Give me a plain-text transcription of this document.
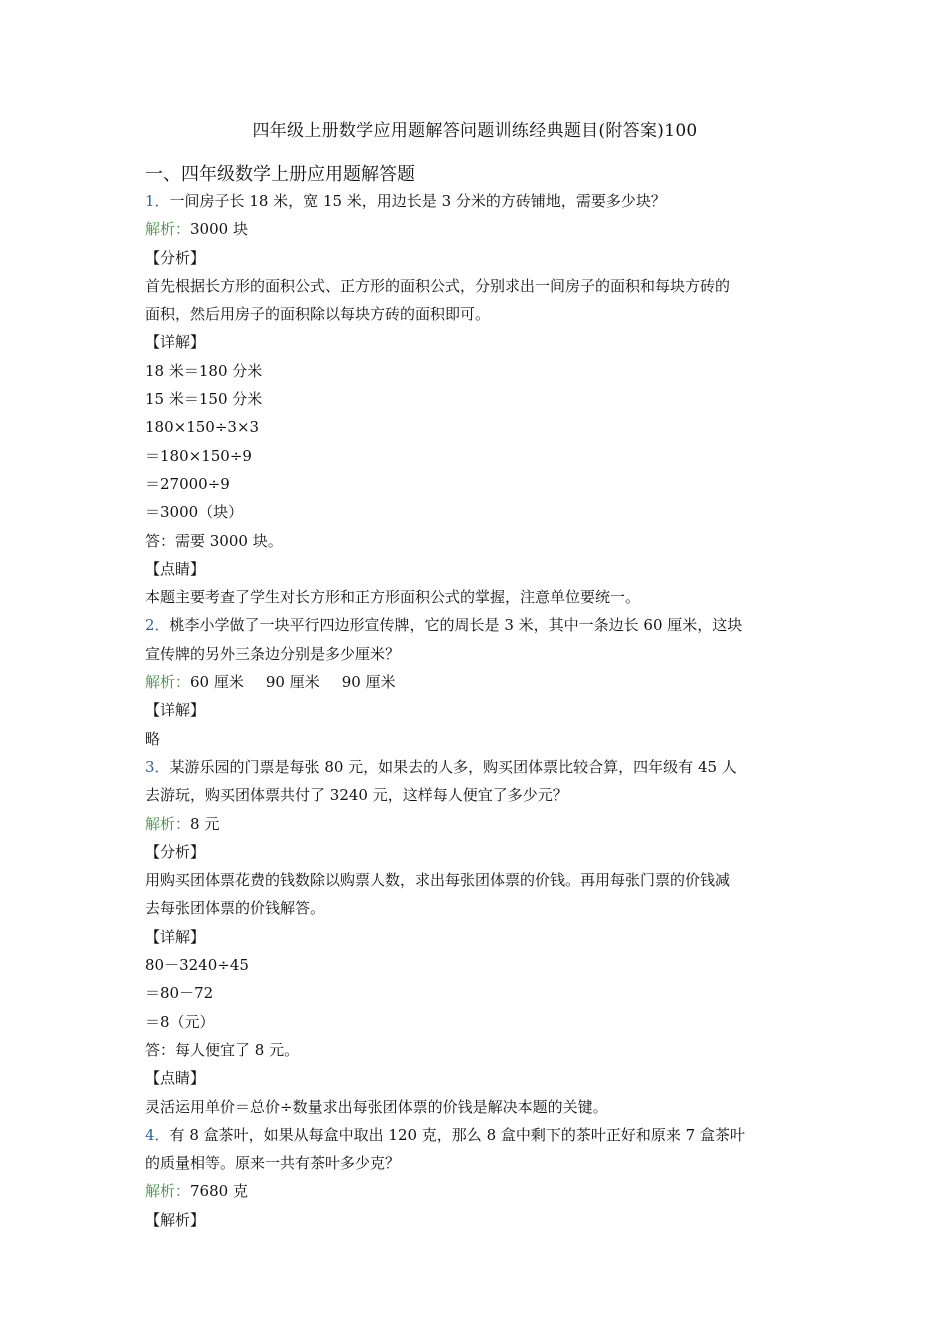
四年级上册数学应用题解答问题训练经典题目(附答案)100
一、四年级数学上册应用题解答题
1．一间房子长 18 米，宽 15 米，用边长是 3 分米的方砖铺地，需要多少块？
解析：3000 块
【分析】
首先根据长方形的面积公式、正方形的面积公式，分别求出一间房子的面积和每块方砖的
面积，然后用房子的面积除以每块方砖的面积即可。
【详解】
18 米＝180 分米
15 米＝150 分米
180×150÷3×3
＝180×150÷9
＝27000÷9
＝3000（块）
答：需要 3000 块。
【点睛】
本题主要考查了学生对长方形和正方形面积公式的掌握，注意单位要统一。
2．桃李小学做了一块平行四边形宣传牌，它的周长是 3 米，其中一条边长 60 厘米，这块
宣传牌的另外三条边分别是多少厘米？
解析：60 厘米 90 厘米 90 厘米
【详解】
略
3．某游乐园的门票是每张 80 元，如果去的人多，购买团体票比较合算，四年级有 45 人
去游玩，购买团体票共付了 3240 元，这样每人便宜了多少元？
解析：8 元
【分析】
用购买团体票花费的钱数除以购票人数，求出每张团体票的价钱。再用每张门票的价钱减
去每张团体票的价钱解答。
【详解】
80－3240÷45
＝80－72
＝8（元）
答：每人便宜了 8 元。
【点睛】
灵活运用单价＝总价÷数量求出每张团体票的价钱是解决本题的关键。
4．有 8 盒茶叶，如果从每盒中取出 120 克，那么 8 盒中剩下的茶叶正好和原来 7 盒茶叶
的质量相等。原来一共有茶叶多少克？
解析：7680 克
【解析】
